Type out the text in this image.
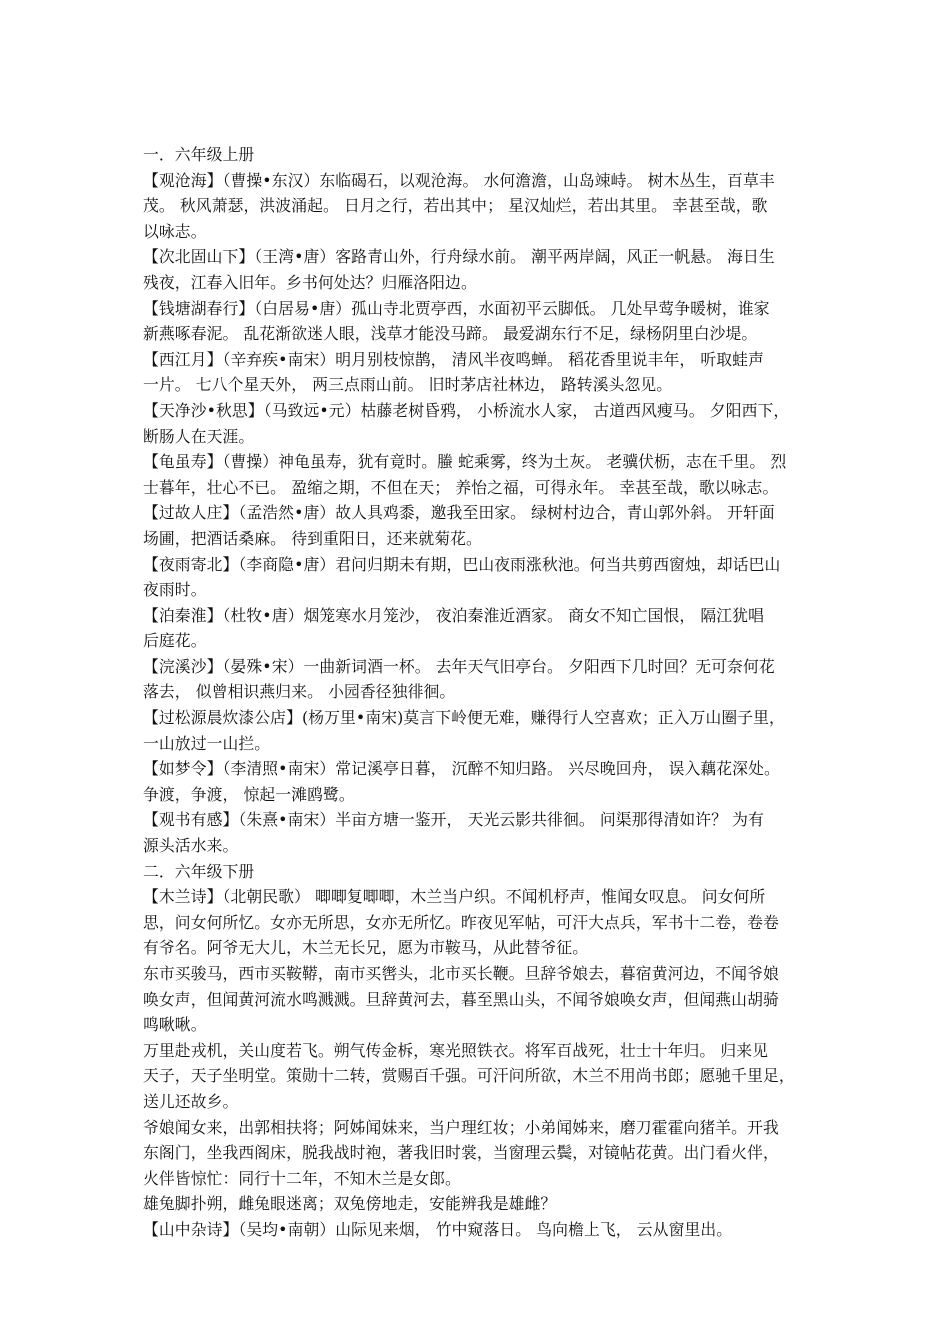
一．六年级上册
【观沧海】（曹操•东汉）东临碣石，以观沧海。 水何澹澹，山岛竦峙。 树木丛生，百草丰
茂。 秋风萧瑟，洪波涌起。 日月之行，若出其中； 星汉灿烂，若出其里。 幸甚至哉，歌
以咏志。
【次北固山下】（王湾•唐）客路青山外，行舟绿水前。 潮平两岸阔，风正一帆悬。 海日生
残夜，江春入旧年。乡书何处达？归雁洛阳边。
【钱塘湖春行】（白居易•唐）孤山寺北贾亭西，水面初平云脚低。 几处早莺争暖树，谁家
新燕啄春泥。 乱花渐欲迷人眼，浅草才能没马蹄。 最爱湖东行不足，绿杨阴里白沙堤。
【西江月】（辛弃疾•南宋）明月别枝惊鹊， 清风半夜鸣蝉。 稻花香里说丰年， 听取蛙声
一片。 七八个星天外， 两三点雨山前。 旧时茅店社林边， 路转溪头忽见。
【天净沙•秋思】（马致远•元）枯藤老树昏鸦， 小桥流水人家， 古道西风瘦马。 夕阳西下，
断肠人在天涯。
【龟虽寿】（曹操）神龟虽寿，犹有竟时。螣 蛇乘雾，终为土灰。 老骥伏枥，志在千里。 烈
士暮年，壮心不已。 盈缩之期，不但在天； 养怡之福，可得永年。 幸甚至哉，歌以咏志。
【过故人庄】（孟浩然•唐）故人具鸡黍，邀我至田家。 绿树村边合，青山郭外斜。 开轩面
场圃，把酒话桑麻。 待到重阳日，还来就菊花。
【夜雨寄北】（李商隐•唐）君问归期未有期，巴山夜雨涨秋池。何当共剪西窗烛，却话巴山
夜雨时。
【泊秦淮】（杜牧•唐）烟笼寒水月笼沙， 夜泊秦淮近酒家。 商女不知亡国恨， 隔江犹唱
后庭花。
【浣溪沙】（晏殊•宋）一曲新词酒一杯。 去年天气旧亭台。 夕阳西下几时回？无可奈何花
落去， 似曾相识燕归来。 小园香径独徘徊。
【过松源晨炊漆公店】(杨万里•南宋)莫言下岭便无难，赚得行人空喜欢；正入万山圈子里，
一山放过一山拦。
【如梦令】（李清照•南宋）常记溪亭日暮， 沉醉不知归路。 兴尽晚回舟， 误入藕花深处。
争渡，争渡， 惊起一滩鸥鹭。
【观书有感】（朱熹•南宋）半亩方塘一鉴开， 天光云影共徘徊。 问渠那得清如许？ 为有
源头活水来。
二．六年级下册
【木兰诗】（北朝民歌） 唧唧复唧唧，木兰当户织。不闻机杼声，惟闻女叹息。 问女何所
思，问女何所忆。女亦无所思，女亦无所忆。昨夜见军帖，可汗大点兵，军书十二卷，卷卷
有爷名。阿爷无大儿，木兰无长兄，愿为市鞍马，从此替爷征。
东市买骏马，西市买鞍鞯，南市买辔头，北市买长鞭。旦辞爷娘去，暮宿黄河边，不闻爷娘
唤女声，但闻黄河流水鸣溅溅。旦辞黄河去，暮至黑山头，不闻爷娘唤女声，但闻燕山胡骑
鸣啾啾。
万里赴戎机，关山度若飞。朔气传金柝，寒光照铁衣。将军百战死，壮士十年归。 归来见
天子，天子坐明堂。策勋十二转，赏赐百千强。可汗问所欲，木兰不用尚书郎；愿驰千里足，
送儿还故乡。
爷娘闻女来，出郭相扶将；阿姊闻妹来，当户理红妆；小弟闻姊来，磨刀霍霍向猪羊。开我
东阁门，坐我西阁床，脱我战时袍，著我旧时裳，当窗理云鬓，对镜帖花黄。出门看火伴，
火伴皆惊忙：同行十二年，不知木兰是女郎。
雄兔脚扑朔，雌兔眼迷离；双兔傍地走，安能辨我是雄雌？
【山中杂诗】（吴均•南朝）山际见来烟， 竹中窥落日。 鸟向檐上飞， 云从窗里出。
